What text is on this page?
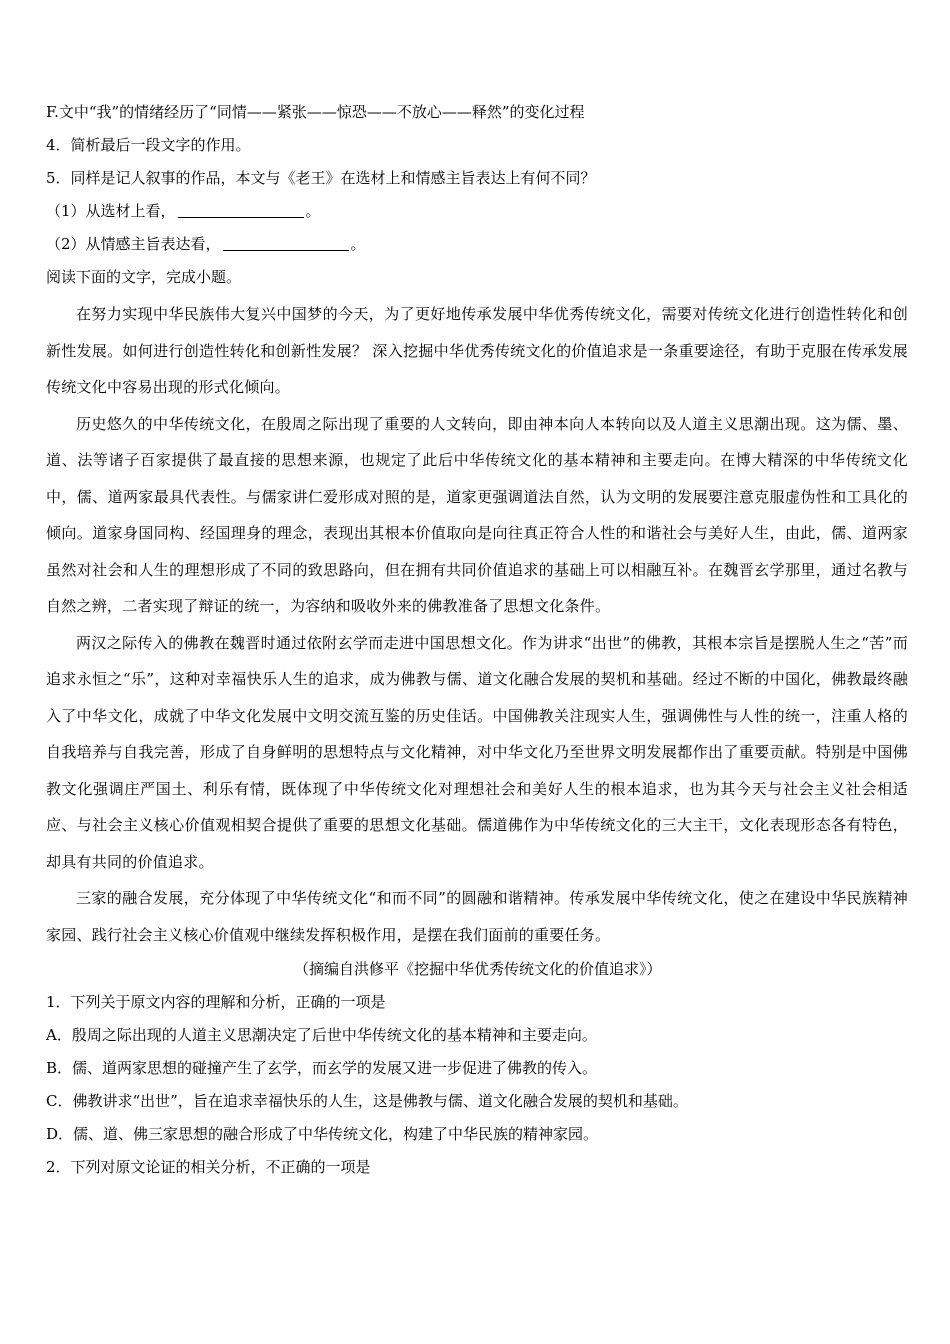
F.文中“我”的情绪经历了“同情——紧张——惊恐——不放心——释然”的变化过程

4．简析最后一段文字的作用。

5．同样是记人叙事的作品，本文与《老王》在选材上和情感主旨表达上有何不同？

（1）从选材上看，	。

（2）从情感主旨表达看，	。

阅读下面的文字，完成小题。

在努力实现中华民族伟大复兴中国梦的今天，为了更好地传承发展中华优秀传统文化，需要对传统文化进行创造性转化和创新性发展。如何进行创造性转化和创新性发展？ 深入挖掘中华优秀传统文化的价值追求是一条重要途径，有助于克服在传承发展传统文化中容易出现的形式化倾向。

历史悠久的中华传统文化，在殷周之际出现了重要的人文转向，即由神本向人本转向以及人道主义思潮出现。这为儒、墨、道、法等诸子百家提供了最直接的思想来源，也规定了此后中华传统文化的基本精神和主要走向。在博大精深的中华传统文化中，儒、道两家最具代表性。与儒家讲仁爱形成对照的是，道家更强调道法自然，认为文明的发展要注意克服虚伪性和工具化的倾向。道家身国同构、经国理身的理念，表现出其根本价值取向是向往真正符合人性的和谐社会与美好人生，由此，儒、道两家虽然对社会和人生的理想形成了不同的致思路向，但在拥有共同价值追求的基础上可以相融互补。在魏晋玄学那里，通过名教与自然之辨，二者实现了辩证的统一，为容纳和吸收外来的佛教准备了思想文化条件。

两汉之际传入的佛教在魏晋时通过依附玄学而走进中国思想文化。作为讲求“出世”的佛教，其根本宗旨是摆脱人生之“苦”而追求永恒之“乐”，这种对幸福快乐人生的追求，成为佛教与儒、道文化融合发展的契机和基础。经过不断的中国化，佛教最终融入了中华文化，成就了中华文化发展中文明交流互鉴的历史佳话。中国佛教关注现实人生，强调佛性与人性的统一，注重人格的自我培养与自我完善，形成了自身鲜明的思想特点与文化精神，对中华文化乃至世界文明发展都作出了重要贡献。特别是中国佛教文化强调庄严国土、利乐有情，既体现了中华传统文化对理想社会和美好人生的根本追求，也为其今天与社会主义社会相适应、与社会主义核心价值观相契合提供了重要的思想文化基础。儒道佛作为中华传统文化的三大主干，文化表现形态各有特色，却具有共同的价值追求。

三家的融合发展，充分体现了中华传统文化“和而不同”的圆融和谐精神。传承发展中华传统文化，使之在建设中华民族精神家园、践行社会主义核心价值观中继续发挥积极作用，是摆在我们面前的重要任务。

（摘编自洪修平《挖掘中华优秀传统文化的价值追求》）

1．下列关于原文内容的理解和分析，正确的一项是

A．殷周之际出现的人道主义思潮决定了后世中华传统文化的基本精神和主要走向。

B．儒、道两家思想的碰撞产生了玄学，而玄学的发展又进一步促进了佛教的传入。

C．佛教讲求“出世”，旨在追求幸福快乐的人生，这是佛教与儒、道文化融合发展的契机和基础。

D．儒、道、佛三家思想的融合形成了中华传统文化，构建了中华民族的精神家园。

2．下列对原文论证的相关分析，不正确的一项是
